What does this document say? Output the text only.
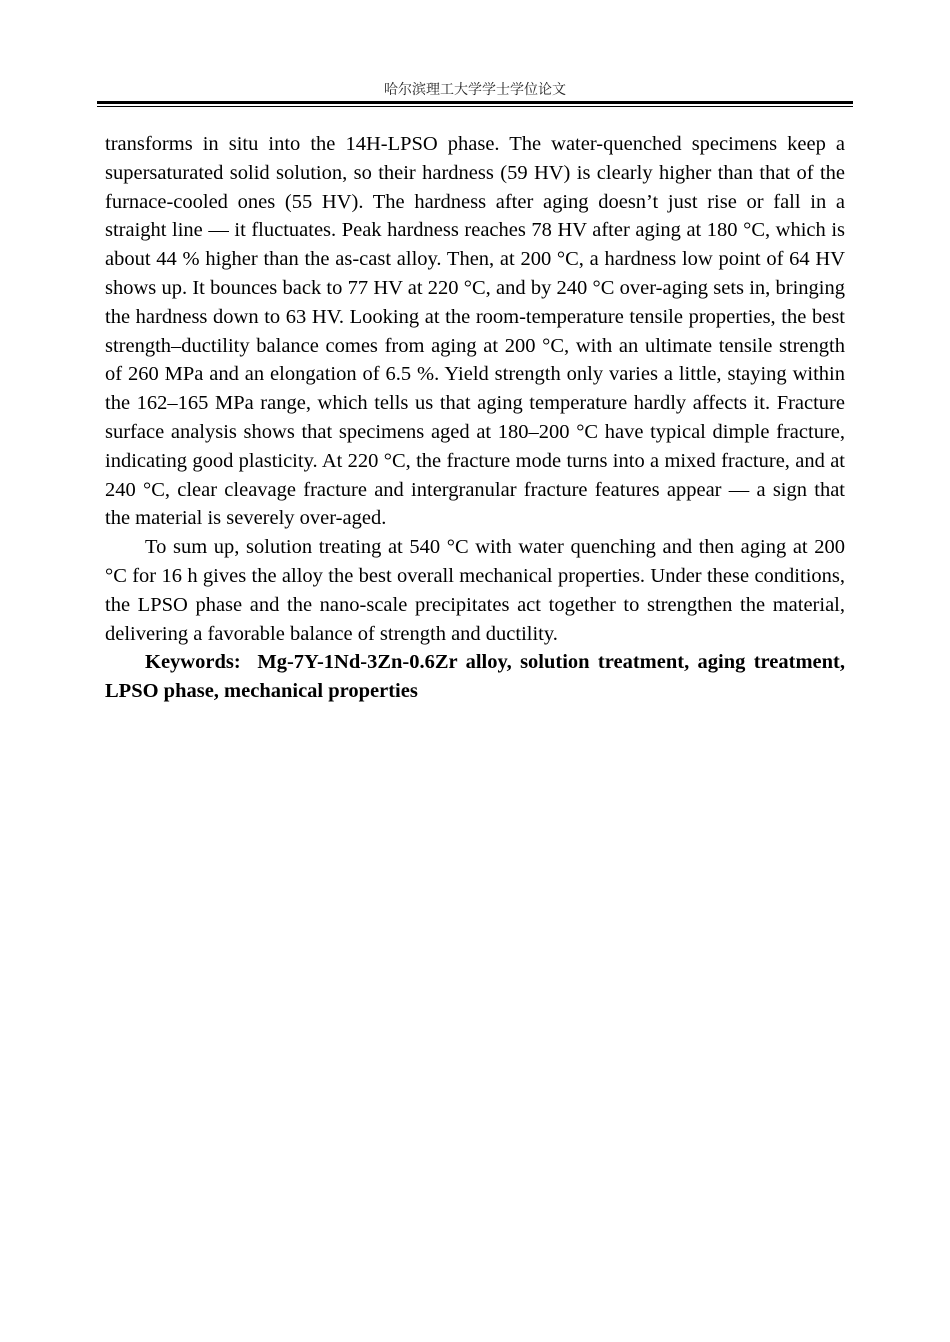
哈尔滨理工大学学士学位论文

transforms in situ into the 14H-LPSO phase. The water-quenched specimens keep a supersaturated solid solution, so their hardness (59 HV) is clearly higher than that of the furnace-cooled ones (55 HV). The hardness after aging doesn’t just rise or fall in a straight line — it fluctuates. Peak hardness reaches 78 HV after aging at 180 °C, which is about 44 % higher than the as-cast alloy. Then, at 200 °C, a hardness low point of 64 HV shows up. It bounces back to 77 HV at 220 °C, and by 240 °C over-aging sets in, bringing the hardness down to 63 HV. Looking at the room-temperature tensile properties, the best strength–ductility balance comes from aging at 200 °C, with an ultimate tensile strength of 260 MPa and an elongation of 6.5 %. Yield strength only varies a little, staying within the 162–165 MPa range, which tells us that aging temperature hardly affects it. Fracture surface analysis shows that specimens aged at 180–200 °C have typical dimple fracture, indicating good plasticity. At 220 °C, the fracture mode turns into a mixed fracture, and at 240 °C, clear cleavage fracture and intergranular fracture features appear — a sign that the material is severely over-aged.

To sum up, solution treating at 540 °C with water quenching and then aging at 200 °C for 16 h gives the alloy the best overall mechanical properties. Under these conditions, the LPSO phase and the nano-scale precipitates act together to strengthen the material, delivering a favorable balance of strength and ductility.

Keywords: Mg-7Y-1Nd-3Zn-0.6Zr alloy, solution treatment, aging treatment, LPSO phase, mechanical properties
